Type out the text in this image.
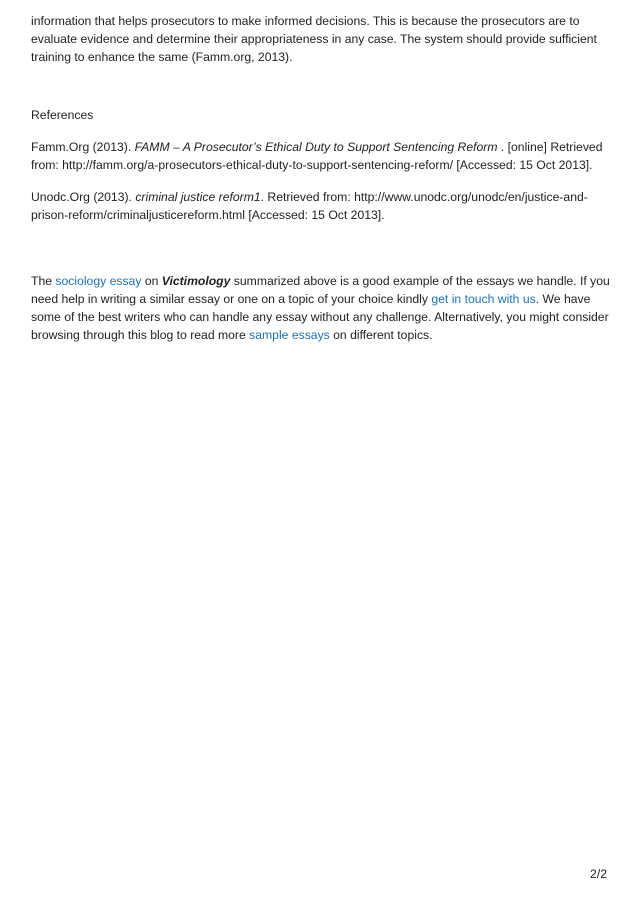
information that helps prosecutors to make informed decisions. This is because the prosecutors are to evaluate evidence and determine their appropriateness in any case. The system should provide sufficient training to enhance the same (Famm.org, 2013).

References

Famm.Org (2013). FAMM – A Prosecutor’s Ethical Duty to Support Sentencing Reform . [online] Retrieved from: http://famm.org/a-prosecutors-ethical-duty-to-support-sentencing-reform/ [Accessed: 15 Oct 2013].

Unodc.Org (2013). criminal justice reform1. Retrieved from: http://www.unodc.org/unodc/en/justice-and-prison-reform/criminaljusticereform.html [Accessed: 15 Oct 2013].

The sociology essay on Victimology summarized above is a good example of the essays we handle. If you need help in writing a similar essay or one on a topic of your choice kindly get in touch with us. We have some of the best writers who can handle any essay without any challenge. Alternatively, you might consider browsing through this blog to read more sample essays on different topics.

2/2
